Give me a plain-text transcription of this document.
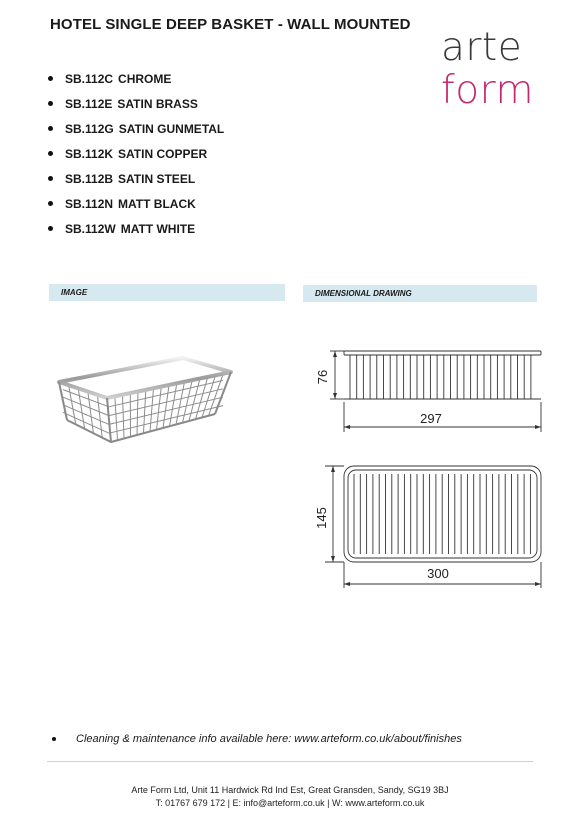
HOTEL SINGLE DEEP BASKET - WALL MOUNTED
arte
form
SB.112C CHROME
SB.112E SATIN BRASS
SB.112G SATIN GUNMETAL
SB.112K SATIN COPPER
SB.112B SATIN STEEL
SB.112N MATT BLACK
SB.112W MATT WHITE
IMAGE	DIMENSIONAL DRAWING
76
297
145
300
Cleaning & maintenance info available here: www.arteform.co.uk/about/finishes
Arte Form Ltd, Unit 11 Hardwick Rd Ind Est, Great Gransden, Sandy, SG19 3BJ
T: 01767 679 172 | E: info@arteform.co.uk | W: www.arteform.co.uk
